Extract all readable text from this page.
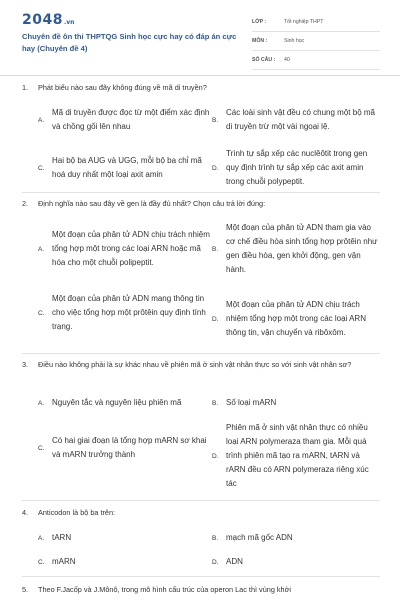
2048 .vn
Chuyên đề ôn thi THPTQG Sinh học cực hay có đáp án cực hay (Chuyên đề 4)
LỚP :	Tốt nghiệp THPT
MÔN :	Sinh học
SỐ CÂU :	40
1.	Phát biểu nào sau đây không đúng về mã di truyền?
A.
Mã di truyền được đọc từ một điểm xác định và chồng gối lên nhau
B.
Các loài sinh vật đều có chung một bộ mã di truyền trừ một vài ngoại lệ.
C.
Hai bộ ba AUG và UGG, mỗi bộ ba chỉ mã hoá duy nhất một loại axit amin
D.
Trình tự sắp xếp các nuclêôtit trong gen quy định trình tự sắp xếp các axit amin trong chuỗi polypeptit.
2.	Định nghĩa nào sau đây về gen là đầy đủ nhất? Chọn câu trả lời đúng:
A.
Một đoạn của phân tử ADN chịu trách nhiệm tổng hợp một trong các loại ARN hoặc mã hóa cho một chuỗi polipeptit.
B.
Một đoạn của phân tử ADN tham gia vào cơ chế điều hòa sinh tổng hợp prôtêin như gen điều hòa, gen khởi động, gen vận hành.
C.
Một đoạn của phân tử ADN mang thông tin cho việc tổng hợp một prôtêin quy định tính trạng.
D.
Một đoạn của phân tử ADN chịu trách nhiệm tổng hợp một trong các loại ARN thông tin, vận chuyển và ribôxôm.
3.	Điều nào không phải là sự khác nhau về phiên mã ở sinh vật nhân thực so với sinh vật nhân sơ?
A. Nguyên tắc và nguyên liệu phiên mã	B. Số loại mARN
C.
Có hai giai đoạn là tổng hợp mARN sơ khai và mARN trưởng thành	D.
Phiên mã ở sinh vật nhân thực có nhiều loại ARN polymeraza tham gia. Mỗi quá trình phiên mã tạo ra mARN, tARN và rARN đều có ARN polymeraza riêng xúc tác
4.	Anticodon là bộ ba trên:
A. tARN	B. mạch mã gốc ADN
C. mARN	D. ADN
5.	Theo F.Jacốp và J.Mônô, trong mô hình cấu trúc của operon Lac thì vùng khởi
